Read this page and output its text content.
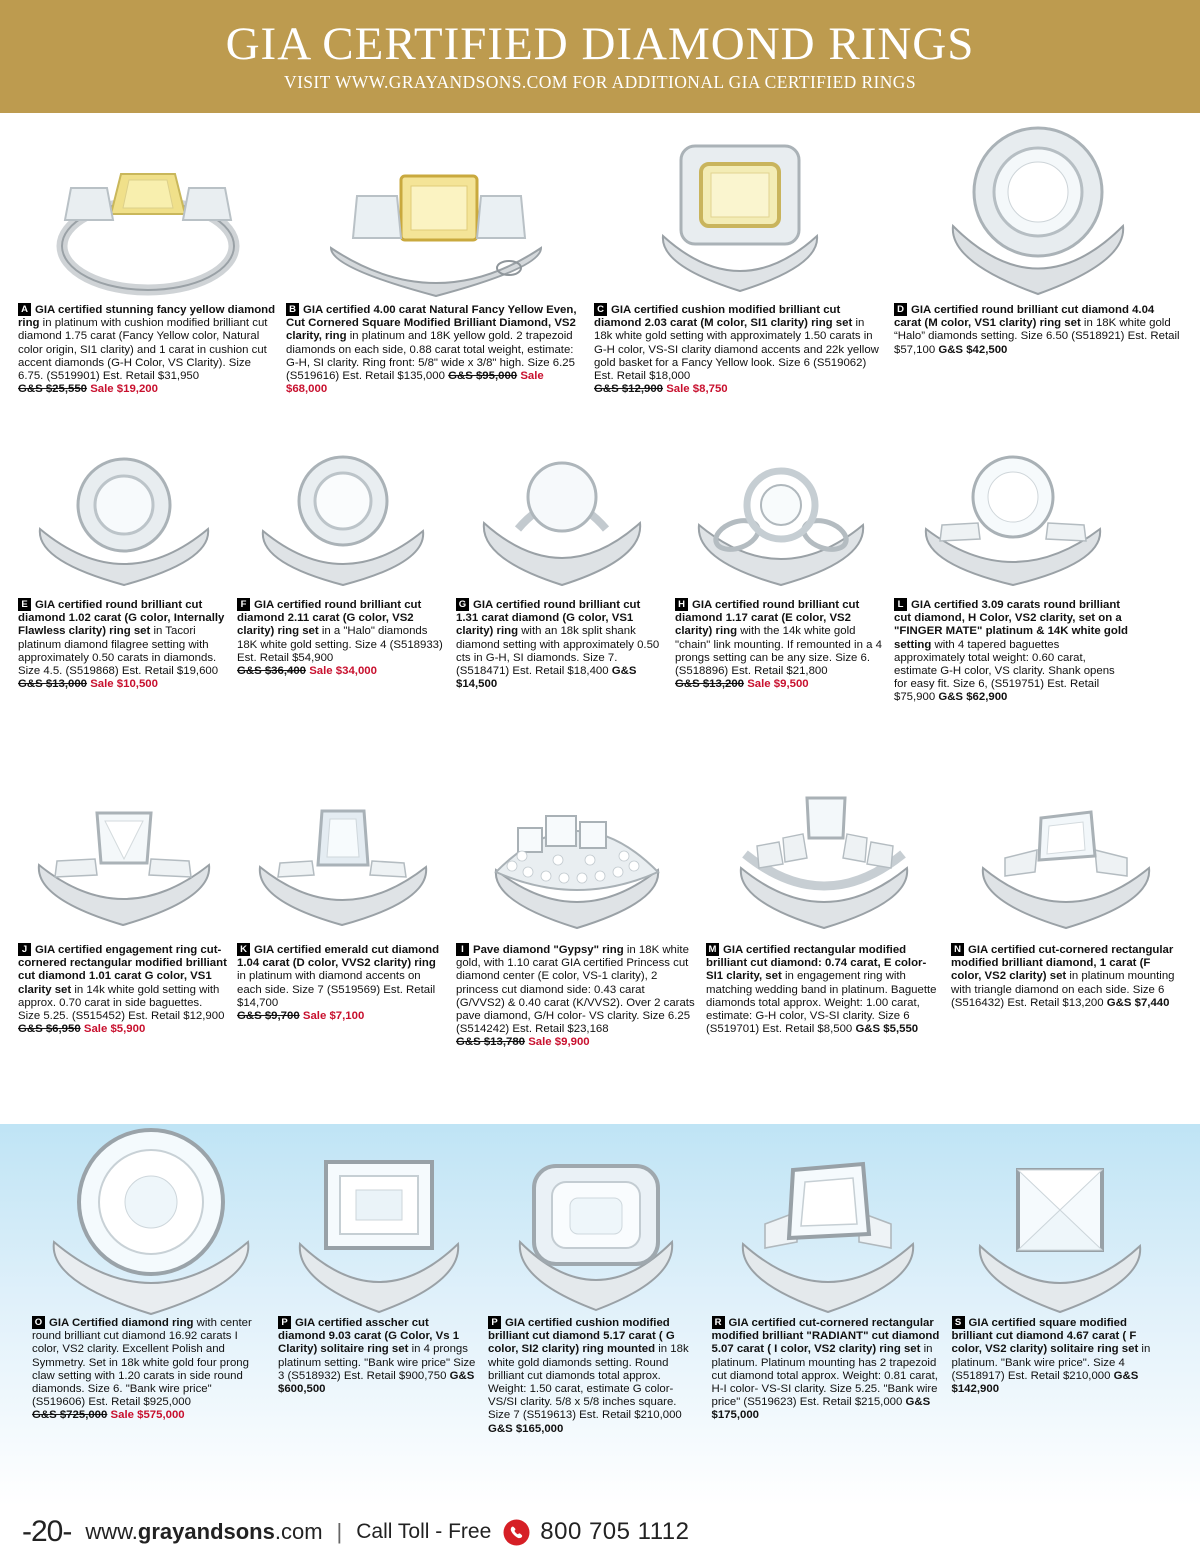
GIA CERTIFIED DIAMOND RINGS

VISIT WWW.GRAYANDSONS.COM FOR ADDITIONAL GIA CERTIFIED RINGS

A GIA certified stunning fancy yellow diamond ring in platinum with cushion modified brilliant cut diamond 1.75 carat (Fancy Yellow color, Natural color origin, SI1 clarity) and 1 carat in cushion cut accent diamonds (G-H Color, VS Clarity). Size 6.75. (S519901) Est. Retail $31,950
G&S $25,550 Sale $19,200
B GIA certified 4.00 carat Natural Fancy Yellow Even, Cut Cornered Square Modified Brilliant Diamond, VS2 clarity, ring in platinum and 18K yellow gold. 2 trapezoid diamonds on each side, 0.88 carat total weight, estimate: G-H, SI clarity. Ring front: 5/8" wide x 3/8" high. Size 6.25 (S519616) Est. Retail $135,000 G&S $95,000 Sale $68,000
C GIA certified cushion modified brilliant cut diamond 2.03 carat (M color, SI1 clarity) ring set in 18k white gold setting with approximately 1.50 carats in G-H color, VS-SI clarity diamond accents and 22k yellow gold basket for a Fancy Yellow look. Size 6 (S519062) Est. Retail $18,000
G&S $12,900 Sale $8,750
D GIA certified round brilliant cut diamond 4.04 carat (M color, VS1 clarity) ring set in 18K white gold “Halo” diamonds setting. Size 6.50 (S518921) Est. Retail $57,100 G&S $42,500
E GIA certified round brilliant cut diamond 1.02 carat (G color, Internally Flawless clarity) ring set in Tacori platinum diamond filagree setting with approximately 0.50 carats in diamonds. Size 4.5. (S519868) Est. Retail $19,600
G&S $13,000 Sale $10,500
F GIA certified round brilliant cut diamond 2.11 carat (G color, VS2 clarity) ring set in a "Halo" diamonds 18K white gold setting. Size 4 (S518933) Est. Retail $54,900
G&S $36,400 Sale $34,000
G GIA certified round brilliant cut 1.31 carat diamond (G color, VS1 clarity) ring with an 18k split shank diamond setting with approximately 0.50 cts in G-H, SI diamonds. Size 7. (S518471) Est. Retail $18,400 G&S $14,500
H GIA certified round brilliant cut diamond 1.17 carat (E color, VS2 clarity) ring with the 14k white gold "chain" link mounting. If remounted in a 4 prongs setting can be any size. Size 6. (S518896) Est. Retail $21,800
G&S $13,200 Sale $9,500
L GIA certified 3.09 carats round brilliant cut diamond, H Color, VS2 clarity, set on a "FINGER MATE" platinum & 14K white gold setting with 4 tapered baguettes approximately total weight: 0.60 carat, estimate G-H color, VS clarity. Shank opens for easy fit. Size 6, (S519751) Est. Retail $75,900 G&S $62,900
J GIA certified engagement ring cut-cornered rectangular modified brilliant cut diamond 1.01 carat G color, VS1 clarity set in 14k white gold setting with approx. 0.70 carat in side baguettes. Size 5.25. (S515452) Est. Retail $12,900
G&S $6,950 Sale $5,900
K GIA certified emerald cut diamond 1.04 carat (D color, VVS2 clarity) ring in platinum with diamond accents on each side. Size 7 (S519569) Est. Retail $14,700
G&S $9,700 Sale $7,100
I Pave diamond "Gypsy" ring in 18K white gold, with 1.10 carat GIA certified Princess cut diamond center (E color, VS-1 clarity), 2 princess cut diamond side: 0.43 carat (G/VVS2) & 0.40 carat (K/VVS2). Over 2 carats pave diamond, G/H color- VS clarity. Size 6.25 (S514242) Est. Retail $23,168
G&S $13,780 Sale $9,900
M GIA certified rectangular modified brilliant cut diamond: 0.74 carat, E color- SI1 clarity, set in engagement ring with matching wedding band in platinum. Baguette diamonds total approx. Weight: 1.00 carat, estimate: G-H color, VS-SI clarity. Size 6 (S519701) Est. Retail $8,500 G&S $5,550
N GIA certified cut-cornered rectangular modified brilliant diamond, 1 carat (F color, VS2 clarity) set in platinum mounting with triangle diamond on each side. Size 6 (S516432) Est. Retail $13,200 G&S $7,440
O GIA Certified diamond ring with center round brilliant cut diamond 16.92 carats I color, VS2 clarity. Excellent Polish and Symmetry. Set in 18k white gold four prong claw setting with 1.20 carats in side round diamonds. Size 6. "Bank wire price" (S519606) Est. Retail $925,000
G&S $725,000 Sale $575,000
P GIA certified asscher cut diamond 9.03 carat (G Color, Vs 1 Clarity) solitaire ring set in 4 prongs platinum setting. "Bank wire price" Size 3 (S518932) Est. Retail $900,750 G&S $600,500
P GIA certified cushion modified brilliant cut diamond 5.17 carat ( G color, SI2 clarity) ring mounted in 18k white gold diamonds setting. Round brilliant cut diamonds total approx. Weight: 1.50 carat, estimate G color- VS/SI clarity. 5/8 x 5/8 inches square. Size 7 (S519613) Est. Retail $210,000 G&S $165,000
R GIA certified cut-cornered rectangular modified brilliant "RADIANT" cut diamond 5.07 carat ( I color, VS2 clarity) ring set in platinum. Platinum mounting has 2 trapezoid cut diamond total approx. Weight: 0.81 carat, H-I color- VS-SI clarity. Size 5.25. "Bank wire price" (S519623) Est. Retail $215,000 G&S $175,000
S GIA certified square modified brilliant cut diamond 4.67 carat ( F color, VS2 clarity) solitaire ring set in platinum. "Bank wire price". Size 4 (S518917) Est. Retail $210,000 G&S $142,900
-20- www.grayandsons.com | Call Toll - Free 800 705 1112
